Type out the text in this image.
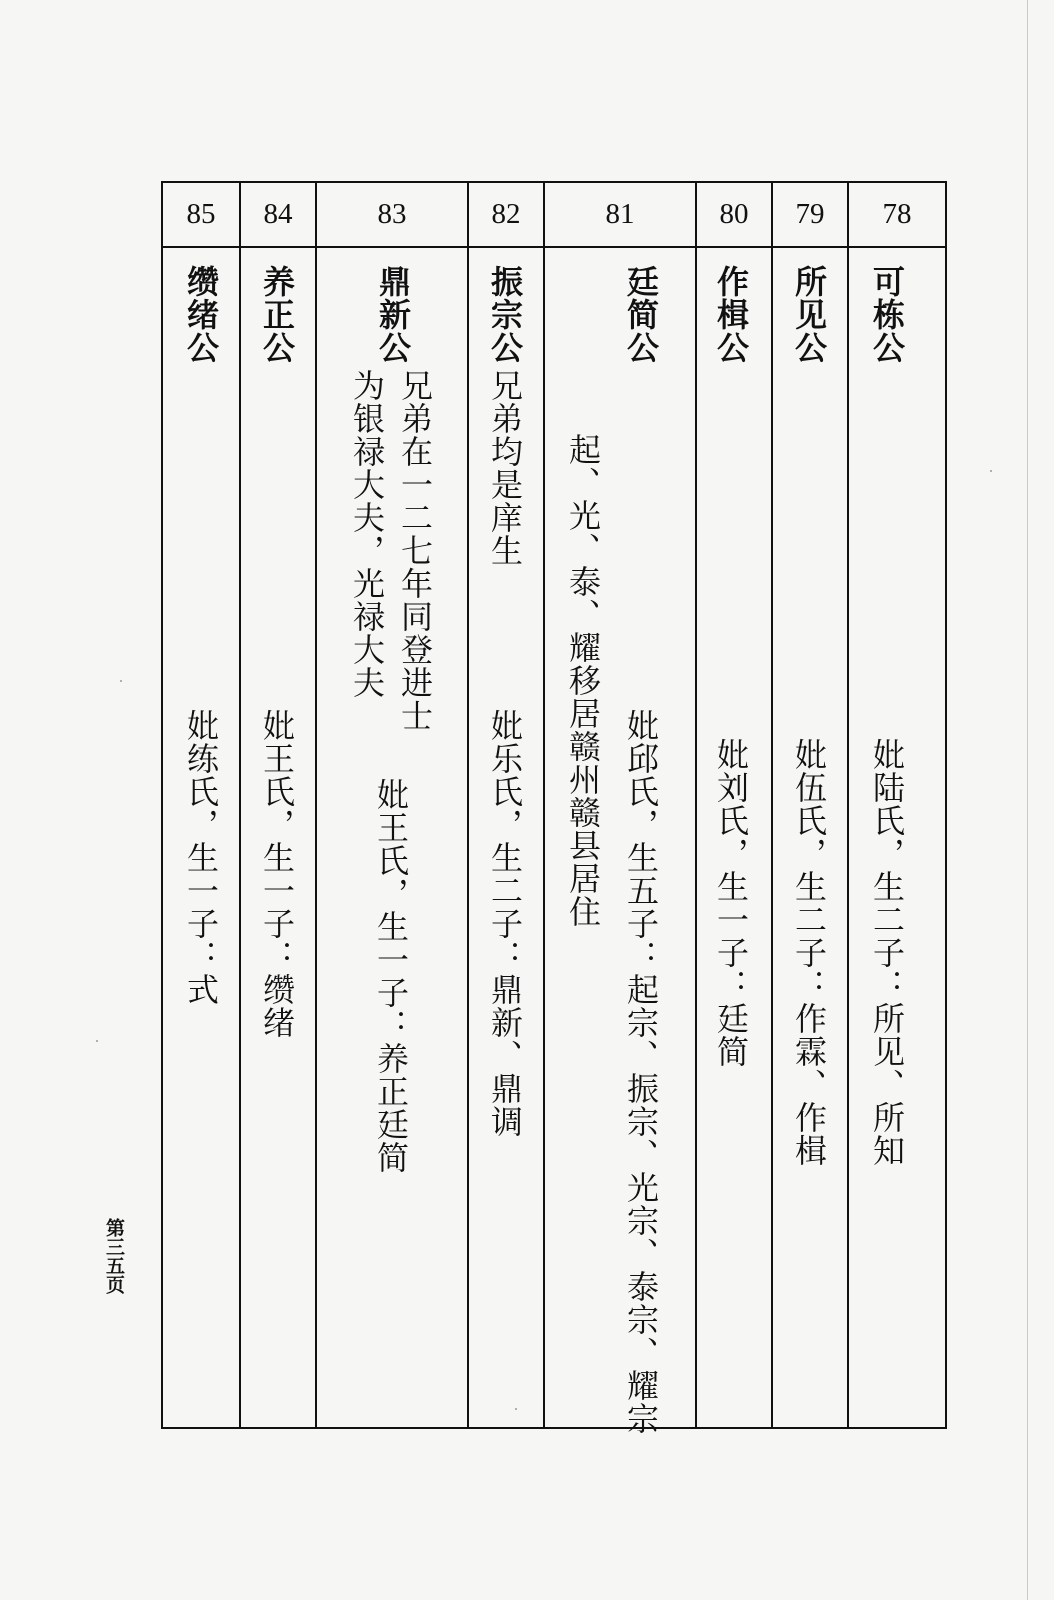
85
缵绪公
妣练氏，生一子：式
84
养正公
妣王氏，生一子：缵绪
83
鼎新公
兄弟在一二七年同登进士
为银禄大夫，光禄大夫
妣王氏，生一子：养正廷简
82
振宗公
兄弟均是庠生
妣乐氏，生二子：鼎新、鼎调
81
廷简公
起、光、泰、耀移居赣州赣县居住
妣邱氏，生五子：起宗、振宗、光宗、泰宗、耀宗
80
作楫公
妣刘氏，生一子：廷简
79
所见公
妣伍氏，生二子：作霖、作楫
78
可栋公
妣陆氏，生二子：所见、所知
第三五页
